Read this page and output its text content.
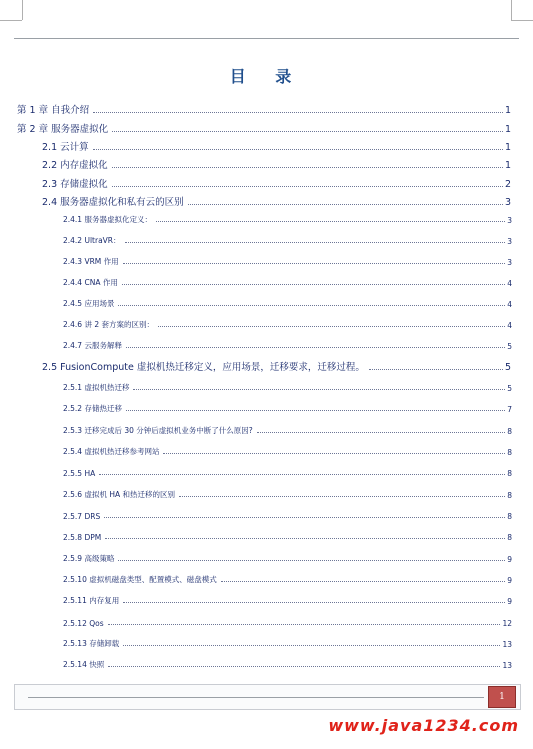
目 录
第 1 章 自我介绍	1
第 2 章 服务器虚拟化	1
2.1 云计算	1
2.2 内存虚拟化	1
2.3 存储虚拟化	2
2.4 服务器虚拟化和私有云的区别	3
2.4.1 服务器虚拟化定义：	3
2.4.2 UltraVR：	3
2.4.3 VRM 作用	3
2.4.4 CNA 作用	4
2.4.5 应用场景	4
2.4.6 讲 2 套方案的区别：	4
2.4.7 云服务解释	5
2.5 FusionCompute 虚拟机热迁移定义，应用场景，迁移要求，迁移过程。	5
2.5.1 虚拟机热迁移	5
2.5.2 存储热迁移	7
2.5.3 迁移完成后 30 分钟后虚拟机业务中断了什么原因?	8
2.5.4 虚拟机热迁移参考网站	8
2.5.5 HA	8
2.5.6 虚拟机 HA 和热迁移的区别	8
2.5.7 DRS	8
2.5.8 DPM	8
2.5.9 高级策略	9
2.5.10 虚拟机磁盘类型、配置模式、磁盘模式	9
2.5.11 内存复用	9
2.5.12 Qos	12
2.5.13 存储卸载	13
2.5.14 快照	13
1
www.java1234.com
